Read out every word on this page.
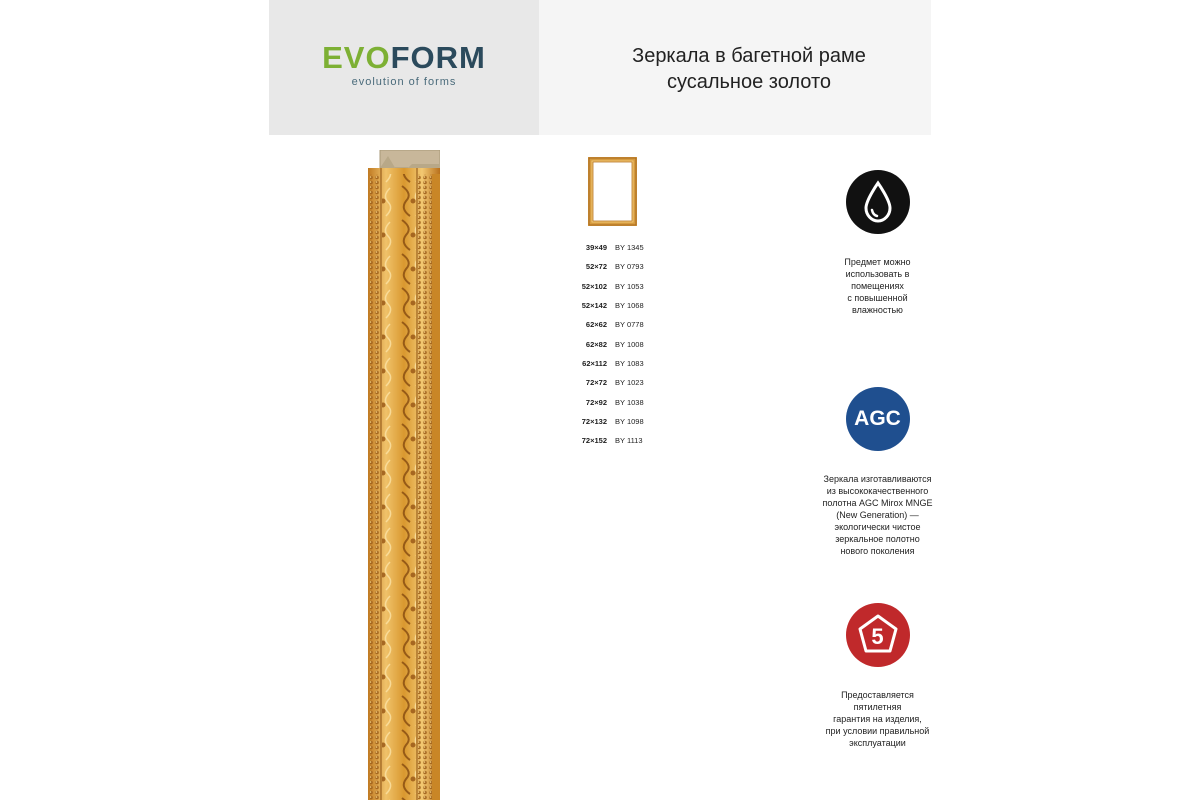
EVOFORM
evolution of forms
Зеркала в багетной раме
сусальное золото
39×49	BY 1345
52×72	BY 0793
52×102	BY 1053
52×142	BY 1068
62×62	BY 0778
62×82	BY 1008
62×112	BY 1083
72×72	BY 1023
72×92	BY 1038
72×132	BY 1098
72×152	BY 1113
Предмет можно
использовать в
помещениях
с повышенной
влажностью
AGC
Зеркала изготавливаются
из высококачественного
полотна AGC Mirox MNGE
(New Generation) —
экологически чистое
зеркальное полотно
нового поколения
5
Предоставляется
пятилетняя
гарантия на изделия,
при условии правильной
эксплуатации
